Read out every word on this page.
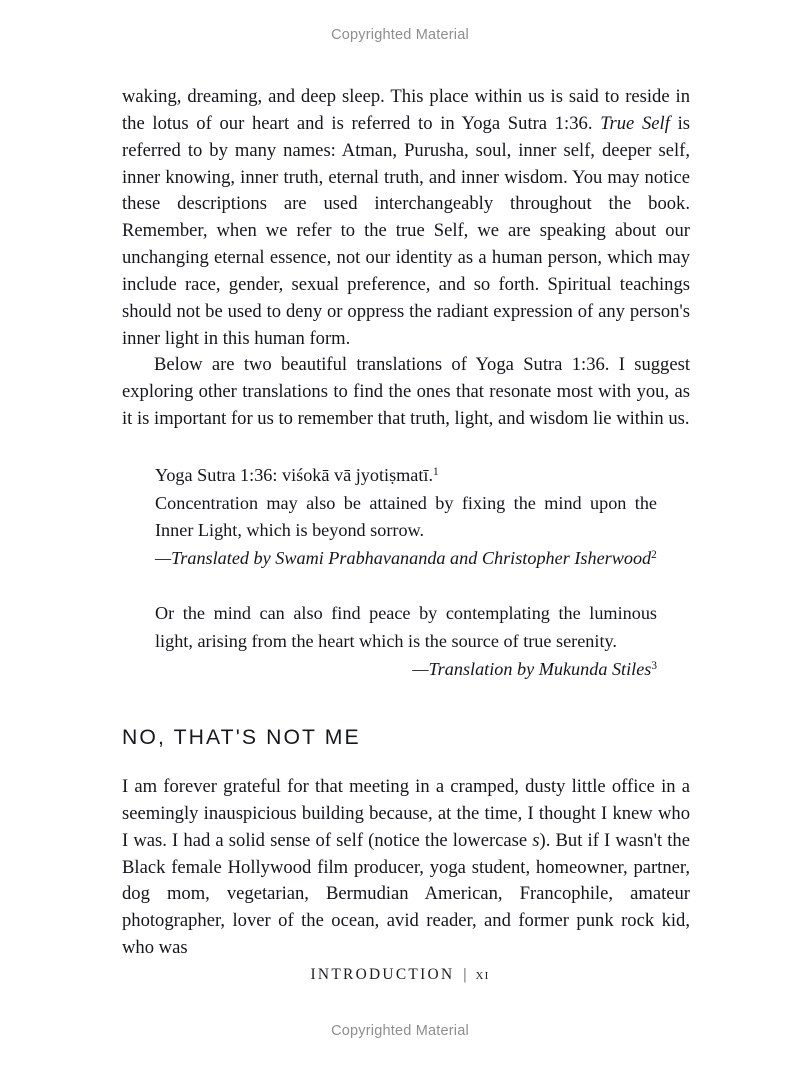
Copyrighted Material

waking, dreaming, and deep sleep. This place within us is said to reside in the lotus of our heart and is referred to in Yoga Sutra 1:36. True Self is referred to by many names: Atman, Purusha, soul, inner self, deeper self, inner knowing, inner truth, eternal truth, and inner wisdom. You may notice these descriptions are used interchangeably throughout the book. Remember, when we refer to the true Self, we are speaking about our unchanging eternal essence, not our identity as a human person, which may include race, gender, sexual preference, and so forth. Spiritual teachings should not be used to deny or oppress the radiant expression of any person's inner light in this human form.

Below are two beautiful translations of Yoga Sutra 1:36. I suggest exploring other translations to find the ones that resonate most with you, as it is important for us to remember that truth, light, and wisdom lie within us.

Yoga Sutra 1:36: viśokā vā jyotiṣmatī.$^1$
Concentration may also be attained by fixing the mind upon the Inner Light, which is beyond sorrow.
—Translated by Swami Prabhavananda and Christopher Isherwood$^2$
Or the mind can also find peace by contemplating the luminous light, arising from the heart which is the source of true serenity.
—Translation by Mukunda Stiles$^3$
NO, THAT'S NOT ME

I am forever grateful for that meeting in a cramped, dusty little office in a seemingly inauspicious building because, at the time, I thought I knew who I was. I had a solid sense of self (notice the lowercase s). But if I wasn't the Black female Hollywood film producer, yoga student, homeowner, partner, dog mom, vegetarian, Bermudian American, Francophile, amateur photographer, lover of the ocean, avid reader, and former punk rock kid, who was

INTRODUCTION | xi
Copyrighted Material
